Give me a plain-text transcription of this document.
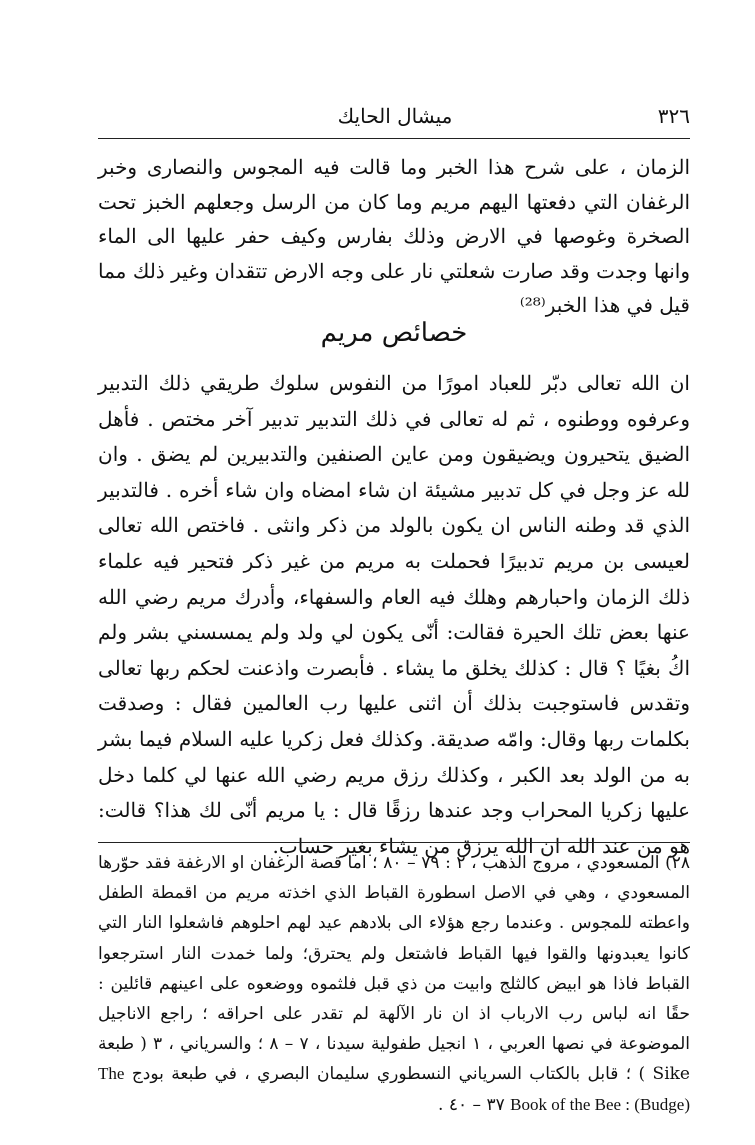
٣٢٦
ميشال الحايك

الزمان ، على شرح هذا الخبر وما قالت فيه المجوس والنصارى وخبر الرغفان التي دفعتها اليهم مريم وما كان من الرسل وجعلهم الخبز تحت الصخرة وغوصها في الارض وذلك بفارس وكيف حفر عليها الى الماء وانها وجدت وقد صارت شعلتي نار على وجه الارض تتقدان وغير ذلك مما قيل في هذا الخبر⁽²⁸⁾

خصائص مريم

ان الله تعالى دبّر للعباد امورًا من النفوس سلوك طريقي ذلك التدبير وعرفوه ووطنوه ، ثم له تعالى في ذلك التدبير تدبير آخر مختص . فأهل الضيق يتحيرون ويضيقون ومن عاين الصنفين والتدبيرين لم يضق . وان لله عز وجل في كل تدبير مشيئة ان شاء امضاه وان شاء أخره . فالتدبير الذي قد وطنه الناس ان يكون بالولد من ذكر وانثى . فاختص الله تعالى لعيسى بن مريم تدبيرًا فحملت به مريم من غير ذكر فتحير فيه علماء ذلك الزمان واحبارهم وهلك فيه العام والسفهاء، وأدرك مريم رضي الله عنها بعض تلك الحيرة فقالت: أنّى يكون لي ولد ولم يمسسني بشر ولم اكُ بغيًا ؟ قال : كذلك يخلق ما يشاء . فأبصرت واذعنت لحكم ربها تعالى وتقدس فاستوجبت بذلك أن اثنى عليها رب العالمين فقال : وصدقت بكلمات ربها وقال: وامّه صديقة. وكذلك فعل زكريا عليه السلام فيما بشر به من الولد بعد الكبر ، وكذلك رزق مريم رضي الله عنها لي كلما دخل عليها زكريا المحراب وجد عندها رزقًا قال : يا مريم أنّى لك هذا؟ قالت: هو من عند الله ان الله يرزق من يشاء بغير حساب.

٢٨) المسعودي ، مروج الذهب ، ٢ : ٧٩ – ٨٠ ؛ اما قصة الرغفان او الارغفة فقد حوّرها المسعودي ، وهي في الاصل اسطورة القباط الذي اخذته مريم من اقمطة الطفل واعطته للمجوس . وعندما رجع هؤلاء الى بلادهم عيد لهم احلوهم فاشعلوا النار التي كانوا يعبدونها والقوا فيها القباط فاشتعل ولم يحترق؛ ولما خمدت النار استرجعوا القباط فاذا هو ابيض كالثلج وابيت من ذي قبل فلثموه ووضعوه على اعينهم قائلين : حقًا انه لباس رب الارباب اذ ان نار الآلهة لم تقدر على احراقه ؛ راجع الاناجيل الموضوعة في نصها العربي ، ١ انجيل طفولية سيدنا ، ٧ – ٨ ؛ والسرياني ، ٣ ( طبعة Sike ) ؛ قابل بالكتاب السرياني النسطوري سليمان البصري ، في طبعة بودج The Book of the Bee : (Budge) ٣٧ – ٤٠ .
